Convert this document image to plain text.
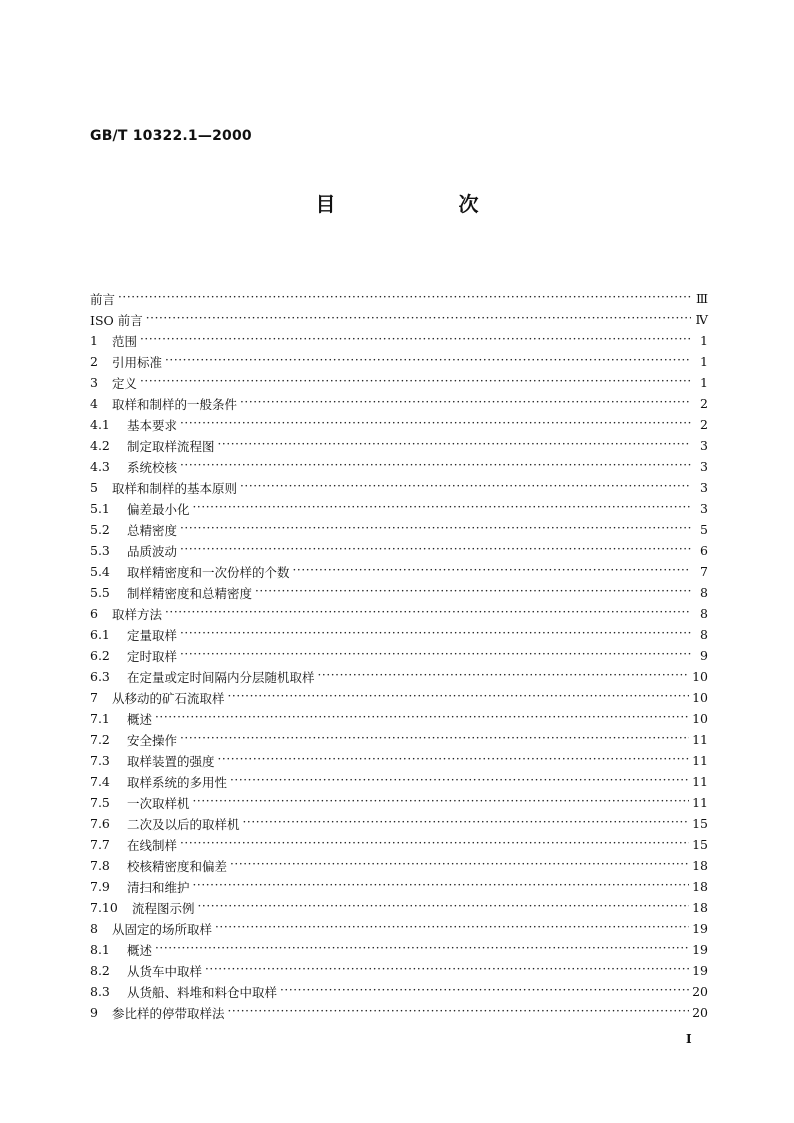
GB/T 10322.1—2000
目 次
前言 ·····	Ⅲ
ISO 前言 ·····	Ⅳ
1	范围 ·····	1
2	引用标准 ·····	1
3	定义 ·····	1
4	取样和制样的一般条件 ·····	2
4.1	基本要求 ·····	2
4.2	制定取样流程图 ·····	3
4.3	系统校核 ·····	3
5	取样和制样的基本原则 ·····	3
5.1	偏差最小化 ·····	3
5.2	总精密度 ·····	5
5.3	品质波动 ·····	6
5.4	取样精密度和一次份样的个数 ·····	7
5.5	制样精密度和总精密度 ·····	8
6	取样方法 ·····	8
6.1	定量取样 ·····	8
6.2	定时取样 ·····	9
6.3	在定量或定时间隔内分层随机取样 ·····	10
7	从移动的矿石流取样 ·····	10
7.1	概述 ·····	10
7.2	安全操作 ·····	11
7.3	取样装置的强度 ·····	11
7.4	取样系统的多用性 ·····	11
7.5	一次取样机 ·····	11
7.6	二次及以后的取样机 ·····	15
7.7	在线制样 ·····	15
7.8	校核精密度和偏差 ·····	18
7.9	清扫和维护 ·····	18
7.10	流程图示例 ·····	18
8	从固定的场所取样 ·····	19
8.1	概述 ·····	19
8.2	从货车中取样 ·····	19
8.3	从货船、料堆和料仓中取样 ·····	20
9	参比样的停带取样法 ·····	20
Ⅰ
